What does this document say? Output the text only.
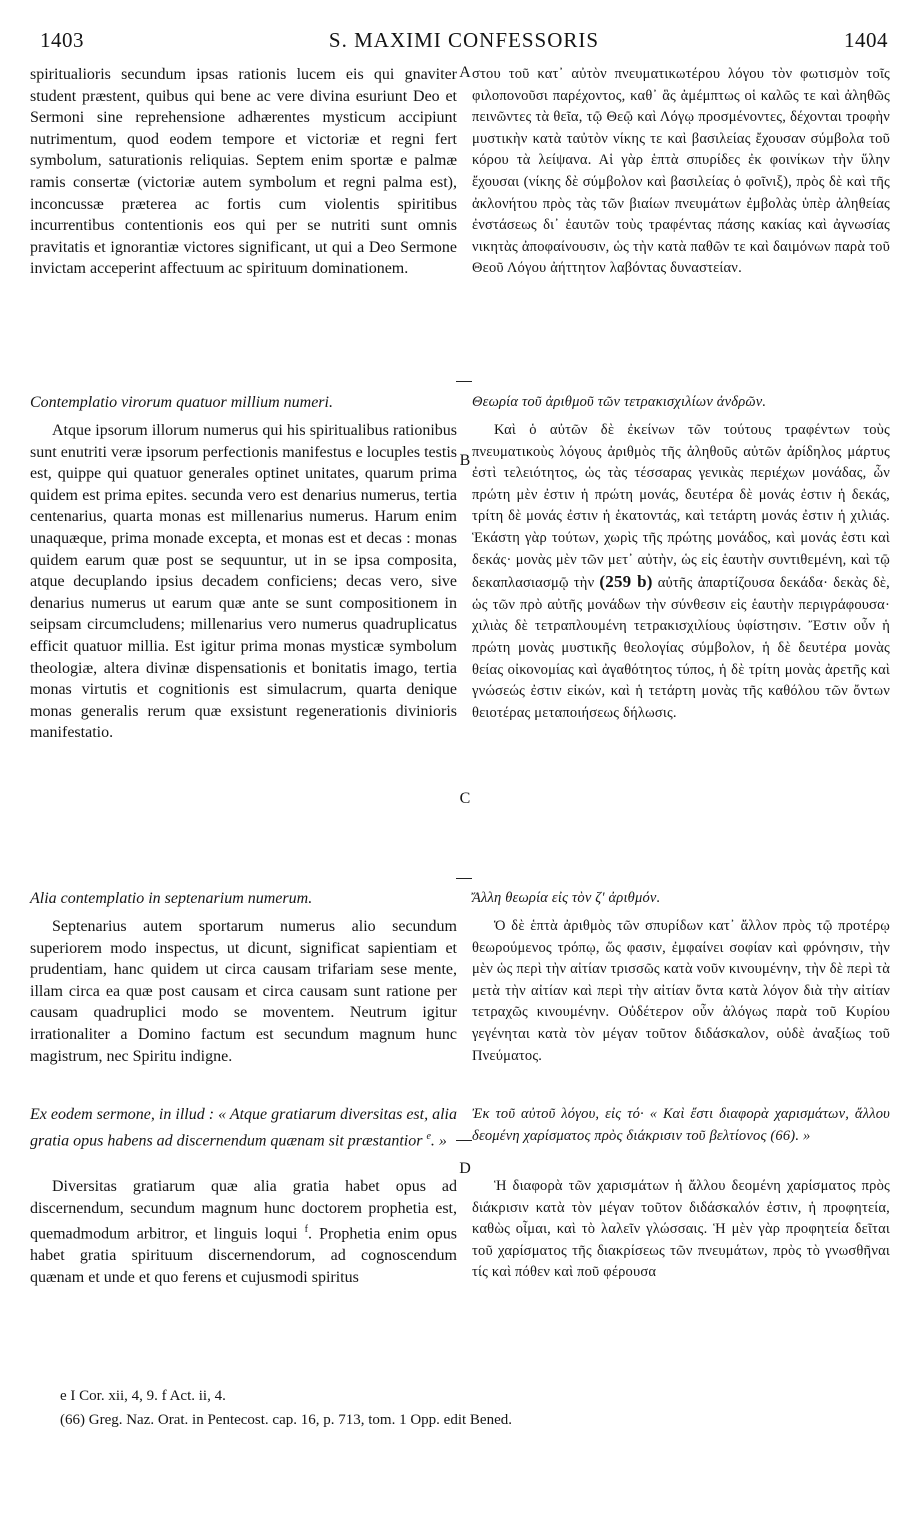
1403	S. MAXIMI CONFESSORIS	1404
A
B
C
D

spiritualioris secundum ipsas rationis lucem eis qui gnaviter student præstent, quibus qui bene ac vere divina esuriunt Deo et Sermoni sine reprehensione adhærentes mysticum accipiunt nutrimentum, quod eodem tempore et victoriæ et regni fert symbolum, saturationis reliquias. Septem enim sportæ e palmæ ramis consertæ (victoriæ autem symbolum et regni palma est), inconcussæ præterea ac fortis cum violentis spiritibus incurrentibus contentionis eos qui per se nutriti sunt omnis pravitatis et ignorantiæ victores significant, ut qui a Deo Sermone invictam acceperint affectuum ac spirituum dominationem.

Contemplatio virorum quatuor millium numeri.

Atque ipsorum illorum numerus qui his spiritualibus rationibus sunt enutriti veræ ipsorum perfectionis manifestus e locuples testis est, quippe qui quatuor generales optinet unitates, quarum prima quidem est prima epites. secunda vero est denarius numerus, tertia centenarius, quarta monas est millenarius numerus. Harum enim unaquæque, prima monade excepta, et monas est et decas : monas quidem earum quæ post se sequuntur, ut in se ipsa composita, atque decuplando ipsius decadem conficiens; decas vero, sive denarius numerus ut earum quæ ante se sunt compositionem in seipsam circumcludens; millenarius vero numerus quadruplicatus efficit quatuor millia. Est igitur prima monas mysticæ symbolum theologiæ, altera divinæ dispensationis et bonitatis imago, tertia monas virtutis et cognitionis est simulacrum, quarta denique monas generalis rerum quæ exsistunt regenerationis divinioris manifestatio.

Alia contemplatio in septenarium numerum.

Septenarius autem sportarum numerus alio secundum superiorem modo inspectus, ut dicunt, significat sapientiam et prudentiam, hanc quidem ut circa causam trifariam sese mente, illam circa ea quæ post causam et circa causam sunt ratione per causam quadruplici modo se moventem. Neutrum igitur irrationaliter a Domino factum est secundum magnum hunc magistrum, nec Spiritu indigne.

Ex eodem sermone, in illud : « Atque gratiarum diversitas est, alia gratia opus habens ad discernendum quænam sit præstantior $^e$. »

Diversitas gratiarum quæ alia gratia habet opus ad discernendum, secundum magnum hunc doctorem prophetia est, quemadmodum arbitror, et linguis loqui $^f$. Prophetia enim opus habet gratia spirituum discernendorum, ad cognoscendum quænam et unde et quo ferens et cujusmodi spiritus

στου τοῦ κατ᾽ αὐτὸν πνευματικωτέρου λόγου τὸν φωτισμὸν τοῖς φιλοπονοῦσι παρέχοντος, καθ᾽ ἃς ἀμέμπτως οἱ καλῶς τε καὶ ἀληθῶς πεινῶντες τὰ θεῖα, τῷ Θεῷ καὶ Λόγῳ προσμένοντες, δέχονται τροφὴν μυστικὴν κατὰ ταὐτὸν νίκης τε καὶ βασιλείας ἔχουσαν σύμβολα τοῦ κόρου τὰ λείψανα. Αἱ γὰρ ἑπτὰ σπυρίδες ἐκ φοινίκων τὴν ὕλην ἔχουσαι (νίκης δὲ σύμβολον καὶ βασιλείας ὁ φοῖνιξ), πρὸς δὲ καὶ τῆς ἀκλονήτου πρὸς τὰς τῶν βιαίων πνευμάτων ἐμβολὰς ὑπὲρ ἀληθείας ἐνστάσεως δι᾽ ἑαυτῶν τοὺς τραφέντας πάσης κακίας καὶ ἀγνωσίας νικητὰς ἀποφαίνουσιν, ὡς τὴν κατὰ παθῶν τε καὶ δαιμόνων παρὰ τοῦ Θεοῦ Λόγου ἀήττητον λαβόντας δυναστείαν.

Θεωρία τοῦ ἀριθμοῦ τῶν τετρακισχιλίων ἀνδρῶν.

Καὶ ὁ αὐτῶν δὲ ἐκείνων τῶν τούτους τραφέντων τοὺς πνευματικοὺς λόγους ἀριθμὸς τῆς ἀληθοῦς αὐτῶν ἀρίδηλος μάρτυς ἐστὶ τελειότητος, ὡς τὰς τέσσαρας γενικὰς περιέχων μονάδας, ὧν πρώτη μὲν ἐστιν ἡ πρώτη μονάς, δευτέρα δὲ μονάς ἐστιν ἡ δεκάς, τρίτη δὲ μονάς ἐστιν ἡ ἑκατοντάς, καὶ τετάρτη μονάς ἐστιν ἡ χιλιάς. Ἑκάστη γὰρ τούτων, χωρὶς τῆς πρώτης μονάδος, καὶ μονάς ἐστι καὶ δεκάς· μονὰς μὲν τῶν μετ᾽ αὐτὴν, ὡς εἰς ἑαυτὴν συντιθεμένη, καὶ τῷ δεκαπλασιασμῷ τὴν (259 b) αὐτῆς ἀπαρτίζουσα δεκάδα· δεκὰς δὲ, ὡς τῶν πρὸ αὐτῆς μονάδων τὴν σύνθεσιν εἰς ἑαυτὴν περιγράφουσα· χιλιὰς δὲ τετραπλουμένη τετρακισχιλίους ὑφίστησιν. Ἔστιν οὖν ἡ πρώτη μονὰς μυστικῆς θεολογίας σύμβολον, ἡ δὲ δευτέρα μονὰς θείας οἰκονομίας καὶ ἀγαθότητος τύπος, ἡ δὲ τρίτη μονὰς ἀρετῆς καὶ γνώσεώς ἐστιν εἰκών, καὶ ἡ τετάρτη μονὰς τῆς καθόλου τῶν ὄντων θειοτέρας μεταποιήσεως δήλωσις.

Ἄλλη θεωρία εἰς τὸν ζ' ἀριθμόν.

Ὁ δὲ ἑπτὰ ἀριθμὸς τῶν σπυρίδων κατ᾽ ἄλλον πρὸς τῷ προτέρῳ θεωρούμενος τρόπῳ, ὥς φασιν, ἐμφαίνει σοφίαν καὶ φρόνησιν, τὴν μὲν ὡς περὶ τὴν αἰτίαν τρισσῶς κατὰ νοῦν κινουμένην, τὴν δὲ περὶ τὰ μετὰ τὴν αἰτίαν καὶ περὶ τὴν αἰτίαν ὄντα κατὰ λόγον διὰ τὴν αἰτίαν τετραχῶς κινουμένην. Οὐδέτερον οὖν ἀλόγως παρὰ τοῦ Κυρίου γεγένηται κατὰ τὸν μέγαν τοῦτον διδάσκαλον, οὐδὲ ἀναξίως τοῦ Πνεύματος.

Ἐκ τοῦ αὐτοῦ λόγου, εἰς τό· « Καὶ ἔστι διαφορὰ χαρισμάτων, ἄλλου δεομένη χαρίσματος πρὸς διάκρισιν τοῦ βελτίονος (66). »

Ἡ διαφορὰ τῶν χαρισμάτων ἡ ἄλλου δεομένη χαρίσματος πρὸς διάκρισιν κατὰ τὸν μέγαν τοῦτον διδάσκαλόν ἐστιν, ἡ προφητεία, καθὼς οἶμαι, καὶ τὸ λαλεῖν γλώσσαις. Ἡ μὲν γὰρ προφητεία δεῖται τοῦ χαρίσματος τῆς διακρίσεως τῶν πνευμάτων, πρὸς τὸ γνωσθῆναι τίς καὶ πόθεν καὶ ποῦ φέρουσα

e I Cor. xii, 4, 9. f Act. ii, 4.
(66) Greg. Naz. Orat. in Pentecost. cap. 16, p. 713, tom. 1 Opp. edit Bened.
